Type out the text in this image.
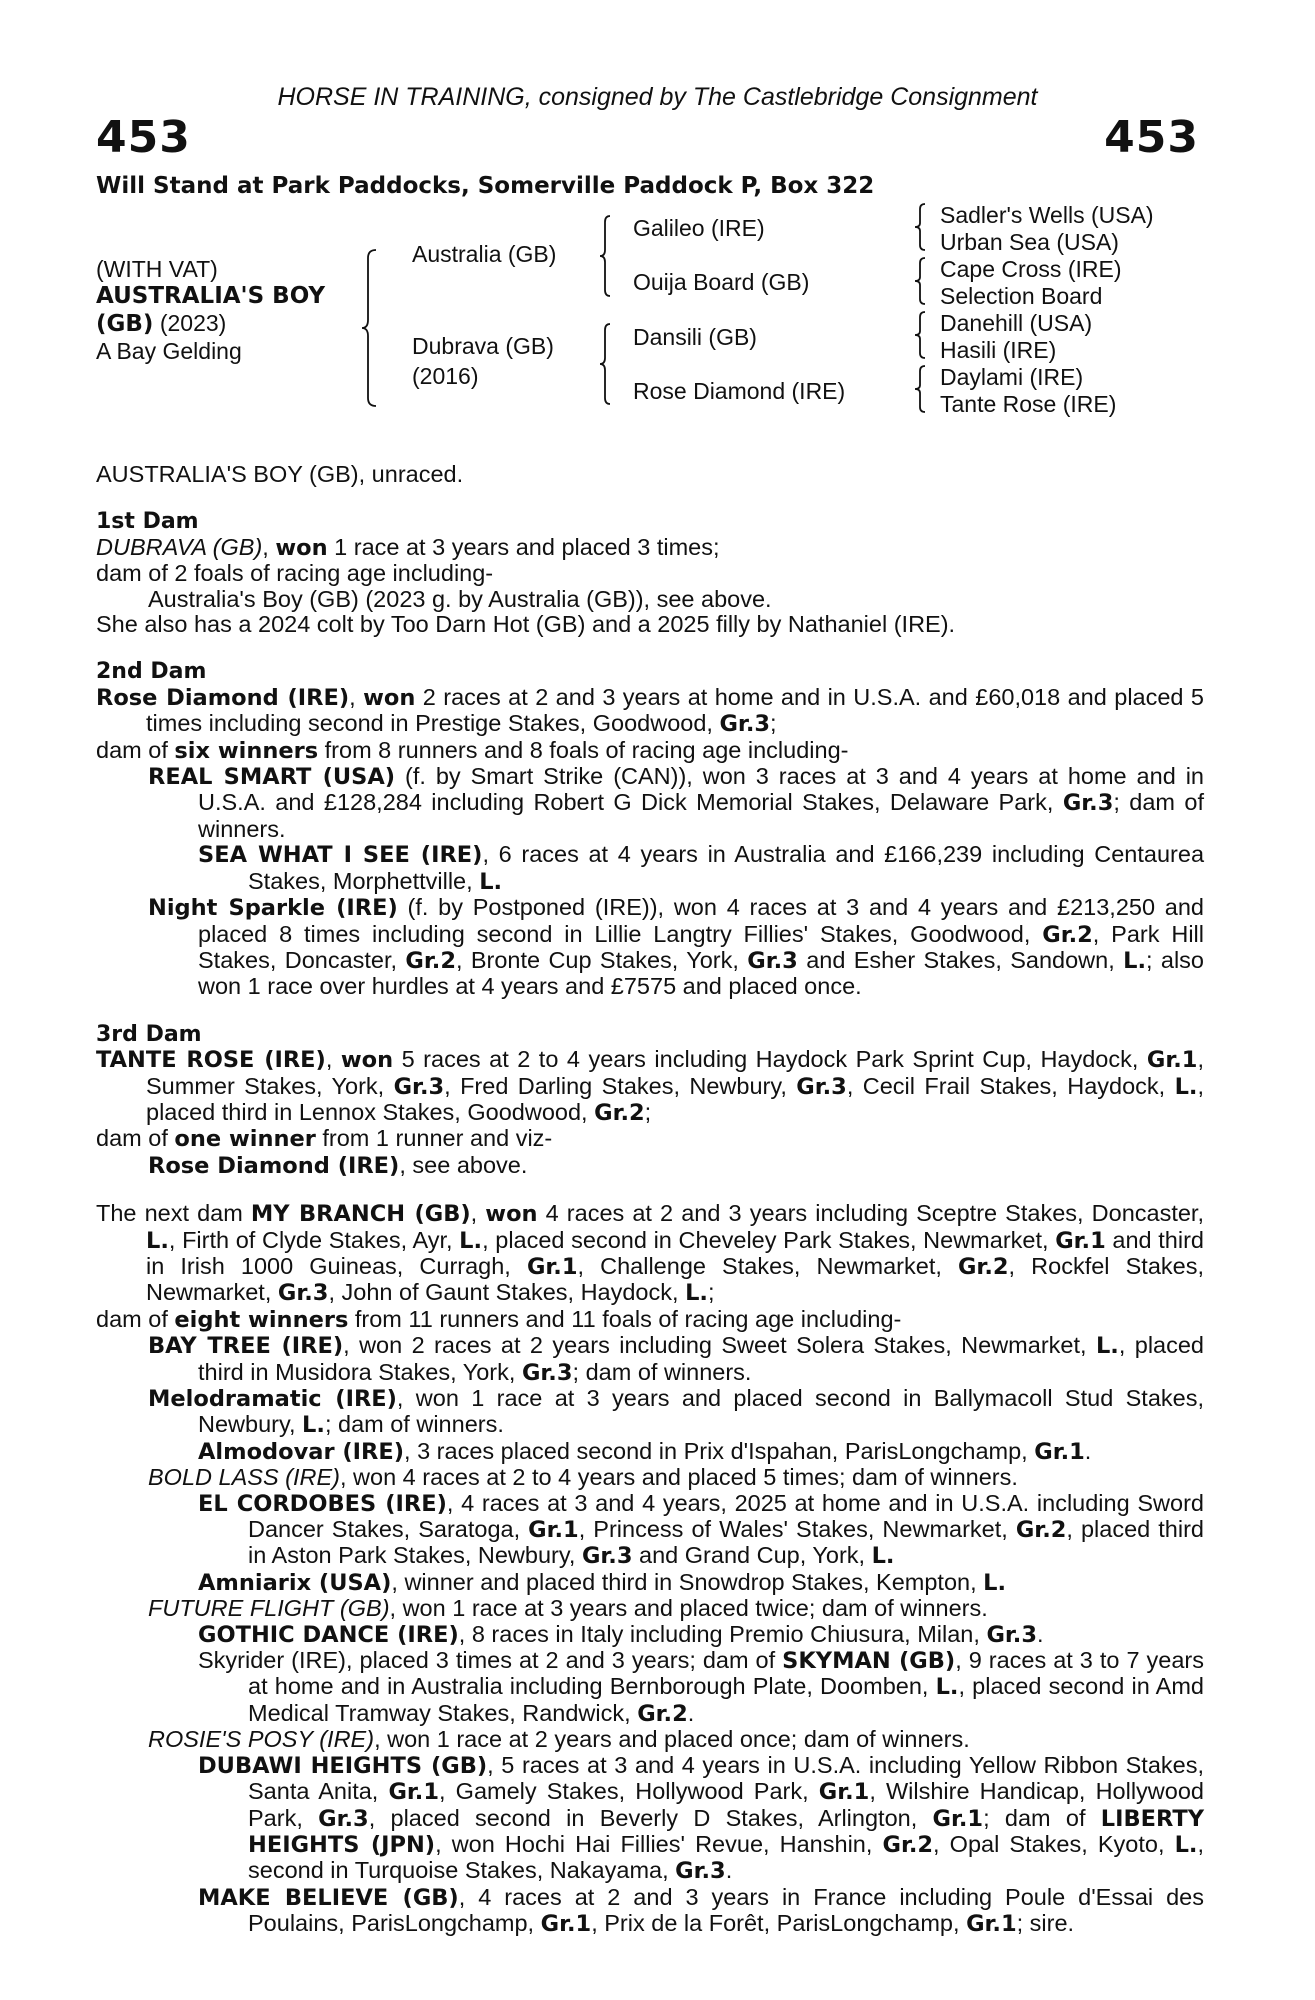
HORSE IN TRAINING, consigned by The Castlebridge Consignment
453	453
Will Stand at Park Paddocks, Somerville Paddock P, Box 322
(WITH VAT)
AUSTRALIA'S BOY
(GB) (2023)
A Bay Gelding
Australia (GB)
Dubrava (GB)
(2016)
Galileo (IRE)
Ouija Board (GB)
Dansili (GB)
Rose Diamond (IRE)
Sadler's Wells (USA)
Urban Sea (USA)
Cape Cross (IRE)
Selection Board
Danehill (USA)
Hasili (IRE)
Daylami (IRE)
Tante Rose (IRE)

AUSTRALIA'S BOY (GB), unraced.

1st Dam

DUBRAVA (GB), won 1 race at 3 years and placed 3 times;

dam of 2 foals of racing age including-

Australia's Boy (GB) (2023 g. by Australia (GB)), see above.

She also has a 2024 colt by Too Darn Hot (GB) and a 2025 filly by Nathaniel (IRE).

2nd Dam

Rose Diamond (IRE), won 2 races at 2 and 3 years at home and in U.S.A. and £60,018 and placed 5 times including second in Prestige Stakes, Goodwood, Gr.3;

dam of six winners from 8 runners and 8 foals of racing age including-

REAL SMART (USA) (f. by Smart Strike (CAN)), won 3 races at 3 and 4 years at home and in U.S.A. and £128,284 including Robert G Dick Memorial Stakes, Delaware Park, Gr.3; dam of winners.

SEA WHAT I SEE (IRE), 6 races at 4 years in Australia and £166,239 including Centaurea Stakes, Morphettville, L.

Night Sparkle (IRE) (f. by Postponed (IRE)), won 4 races at 3 and 4 years and £213,250 and placed 8 times including second in Lillie Langtry Fillies' Stakes, Goodwood, Gr.2, Park Hill Stakes, Doncaster, Gr.2, Bronte Cup Stakes, York, Gr.3 and Esher Stakes, Sandown, L.; also won 1 race over hurdles at 4 years and £7575 and placed once.

3rd Dam

TANTE ROSE (IRE), won 5 races at 2 to 4 years including Haydock Park Sprint Cup, Haydock, Gr.1, Summer Stakes, York, Gr.3, Fred Darling Stakes, Newbury, Gr.3, Cecil Frail Stakes, Haydock, L., placed third in Lennox Stakes, Goodwood, Gr.2;

dam of one winner from 1 runner and viz-

Rose Diamond (IRE), see above.

The next dam MY BRANCH (GB), won 4 races at 2 and 3 years including Sceptre Stakes, Doncaster, L., Firth of Clyde Stakes, Ayr, L., placed second in Cheveley Park Stakes, Newmarket, Gr.1 and third in Irish 1000 Guineas, Curragh, Gr.1, Challenge Stakes, Newmarket, Gr.2, Rockfel Stakes, Newmarket, Gr.3, John of Gaunt Stakes, Haydock, L.;

dam of eight winners from 11 runners and 11 foals of racing age including-

BAY TREE (IRE), won 2 races at 2 years including Sweet Solera Stakes, Newmarket, L., placed third in Musidora Stakes, York, Gr.3; dam of winners.

Melodramatic (IRE), won 1 race at 3 years and placed second in Ballymacoll Stud Stakes, Newbury, L.; dam of winners.

Almodovar (IRE), 3 races placed second in Prix d'Ispahan, ParisLongchamp, Gr.1.

BOLD LASS (IRE), won 4 races at 2 to 4 years and placed 5 times; dam of winners.

EL CORDOBES (IRE), 4 races at 3 and 4 years, 2025 at home and in U.S.A. including Sword Dancer Stakes, Saratoga, Gr.1, Princess of Wales' Stakes, Newmarket, Gr.2, placed third in Aston Park Stakes, Newbury, Gr.3 and Grand Cup, York, L.

Amniarix (USA), winner and placed third in Snowdrop Stakes, Kempton, L.

FUTURE FLIGHT (GB), won 1 race at 3 years and placed twice; dam of winners.

GOTHIC DANCE (IRE), 8 races in Italy including Premio Chiusura, Milan, Gr.3.

Skyrider (IRE), placed 3 times at 2 and 3 years; dam of SKYMAN (GB), 9 races at 3 to 7 years at home and in Australia including Bernborough Plate, Doomben, L., placed second in Amd Medical Tramway Stakes, Randwick, Gr.2.

ROSIE'S POSY (IRE), won 1 race at 2 years and placed once; dam of winners.

DUBAWI HEIGHTS (GB), 5 races at 3 and 4 years in U.S.A. including Yellow Ribbon Stakes, Santa Anita, Gr.1, Gamely Stakes, Hollywood Park, Gr.1, Wilshire Handicap, Hollywood Park, Gr.3, placed second in Beverly D Stakes, Arlington, Gr.1; dam of LIBERTY HEIGHTS (JPN), won Hochi Hai Fillies' Revue, Hanshin, Gr.2, Opal Stakes, Kyoto, L., second in Turquoise Stakes, Nakayama, Gr.3.

MAKE BELIEVE (GB), 4 races at 2 and 3 years in France including Poule d'Essai des Poulains, ParisLongchamp, Gr.1, Prix de la Forêt, ParisLongchamp, Gr.1; sire.
